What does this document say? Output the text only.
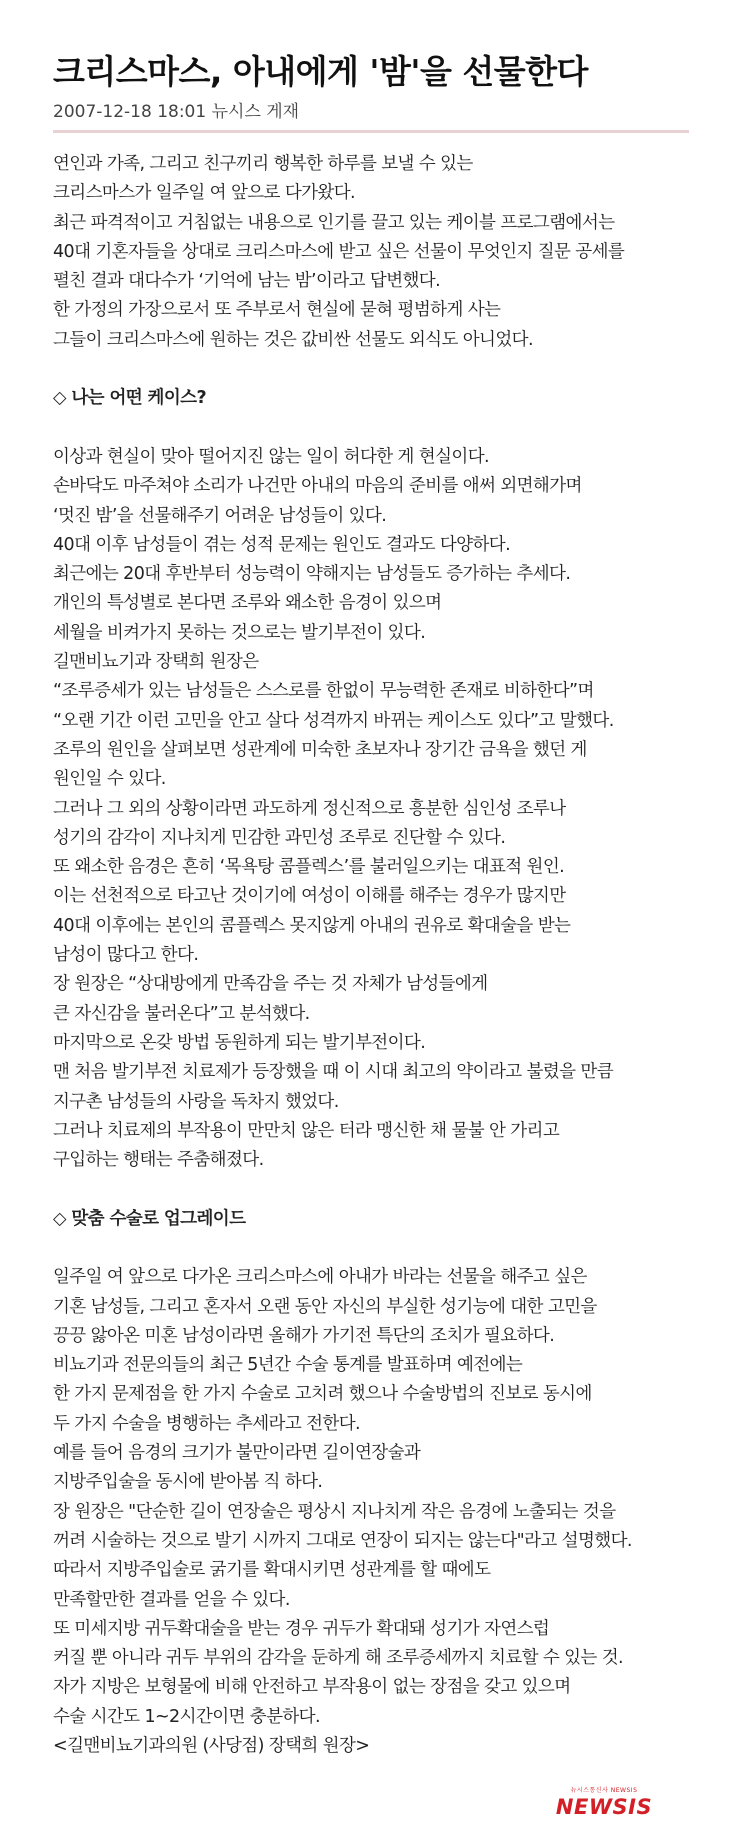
크리스마스, 아내에게 '밤'을 선물한다
2007-12-18 18:01 뉴시스 게재
연인과 가족, 그리고 친구끼리 행복한 하루를 보낼 수 있는
크리스마스가 일주일 여 앞으로 다가왔다.
최근 파격적이고 거침없는 내용으로 인기를 끌고 있는 케이블 프로그램에서는
40대 기혼자들을 상대로 크리스마스에 받고 싶은 선물이 무엇인지 질문 공세를
펼친 결과 대다수가 ‘기억에 남는 밤’이라고 답변했다.
한 가정의 가장으로서 또 주부로서 현실에 묻혀 평범하게 사는
그들이 크리스마스에 원하는 것은 값비싼 선물도 외식도 아니었다.
◇ 나는 어떤 케이스?
이상과 현실이 맞아 떨어지진 않는 일이 허다한 게 현실이다.
손바닥도 마주쳐야 소리가 나건만 아내의 마음의 준비를 애써 외면해가며
‘멋진 밤’을 선물해주기 어려운 남성들이 있다.
40대 이후 남성들이 겪는 성적 문제는 원인도 결과도 다양하다.
최근에는 20대 후반부터 성능력이 약해지는 남성들도 증가하는 추세다.
개인의 특성별로 본다면 조루와 왜소한 음경이 있으며
세월을 비켜가지 못하는 것으로는 발기부전이 있다.
길맨비뇨기과 장택희 원장은
“조루증세가 있는 남성들은 스스로를 한없이 무능력한 존재로 비하한다”며
“오랜 기간 이런 고민을 안고 살다 성격까지 바뀌는 케이스도 있다”고 말했다.
조루의 원인을 살펴보면 성관계에 미숙한 초보자나 장기간 금욕을 했던 게
원인일 수 있다.
그러나 그 외의 상황이라면 과도하게 정신적으로 흥분한 심인성 조루나
성기의 감각이 지나치게 민감한 과민성 조루로 진단할 수 있다.
또 왜소한 음경은 흔히 ‘목욕탕 콤플렉스’를 불러일으키는 대표적 원인.
이는 선천적으로 타고난 것이기에 여성이 이해를 해주는 경우가 많지만
40대 이후에는 본인의 콤플렉스 못지않게 아내의 권유로 확대술을 받는
남성이 많다고 한다.
장 원장은 “상대방에게 만족감을 주는 것 자체가 남성들에게
큰 자신감을 불러온다”고 분석했다.
마지막으로 온갖 방법 동원하게 되는 발기부전이다.
맨 처음 발기부전 치료제가 등장했을 때 이 시대 최고의 약이라고 불렸을 만큼
지구촌 남성들의 사랑을 독차지 했었다.
그러나 치료제의 부작용이 만만치 않은 터라 맹신한 채 물불 안 가리고
구입하는 행태는 주춤해졌다.
◇ 맞춤 수술로 업그레이드
일주일 여 앞으로 다가온 크리스마스에 아내가 바라는 선물을 해주고 싶은
기혼 남성들, 그리고 혼자서 오랜 동안 자신의 부실한 성기능에 대한 고민을
끙끙 앓아온 미혼 남성이라면 올해가 가기전 특단의 조치가 필요하다.
비뇨기과 전문의들의 최근 5년간 수술 통계를 발표하며 예전에는
한 가지 문제점을 한 가지 수술로 고치려 했으나 수술방법의 진보로 동시에
두 가지 수술을 병행하는 추세라고 전한다.
예를 들어 음경의 크기가 불만이라면 길이연장술과
지방주입술을 동시에 받아봄 직 하다.
장 원장은 "단순한 길이 연장술은 평상시 지나치게 작은 음경에 노출되는 것을
꺼려 시술하는 것으로 발기 시까지 그대로 연장이 되지는 않는다"라고 설명했다.
따라서 지방주입술로 굵기를 확대시키면 성관계를 할 때에도
만족할만한 결과를 얻을 수 있다.
또 미세지방 귀두확대술을 받는 경우 귀두가 확대돼 성기가 자연스럽
커질 뿐 아니라 귀두 부위의 감각을 둔하게 해 조루증세까지 치료할 수 있는 것.
자가 지방은 보형물에 비해 안전하고 부작용이 없는 장점을 갖고 있으며
수술 시간도 1~2시간이면 충분하다.
<길맨비뇨기과의원 (사당점) 장택희 원장>
뉴시스통신사 NEWSIS
NEWSIS
